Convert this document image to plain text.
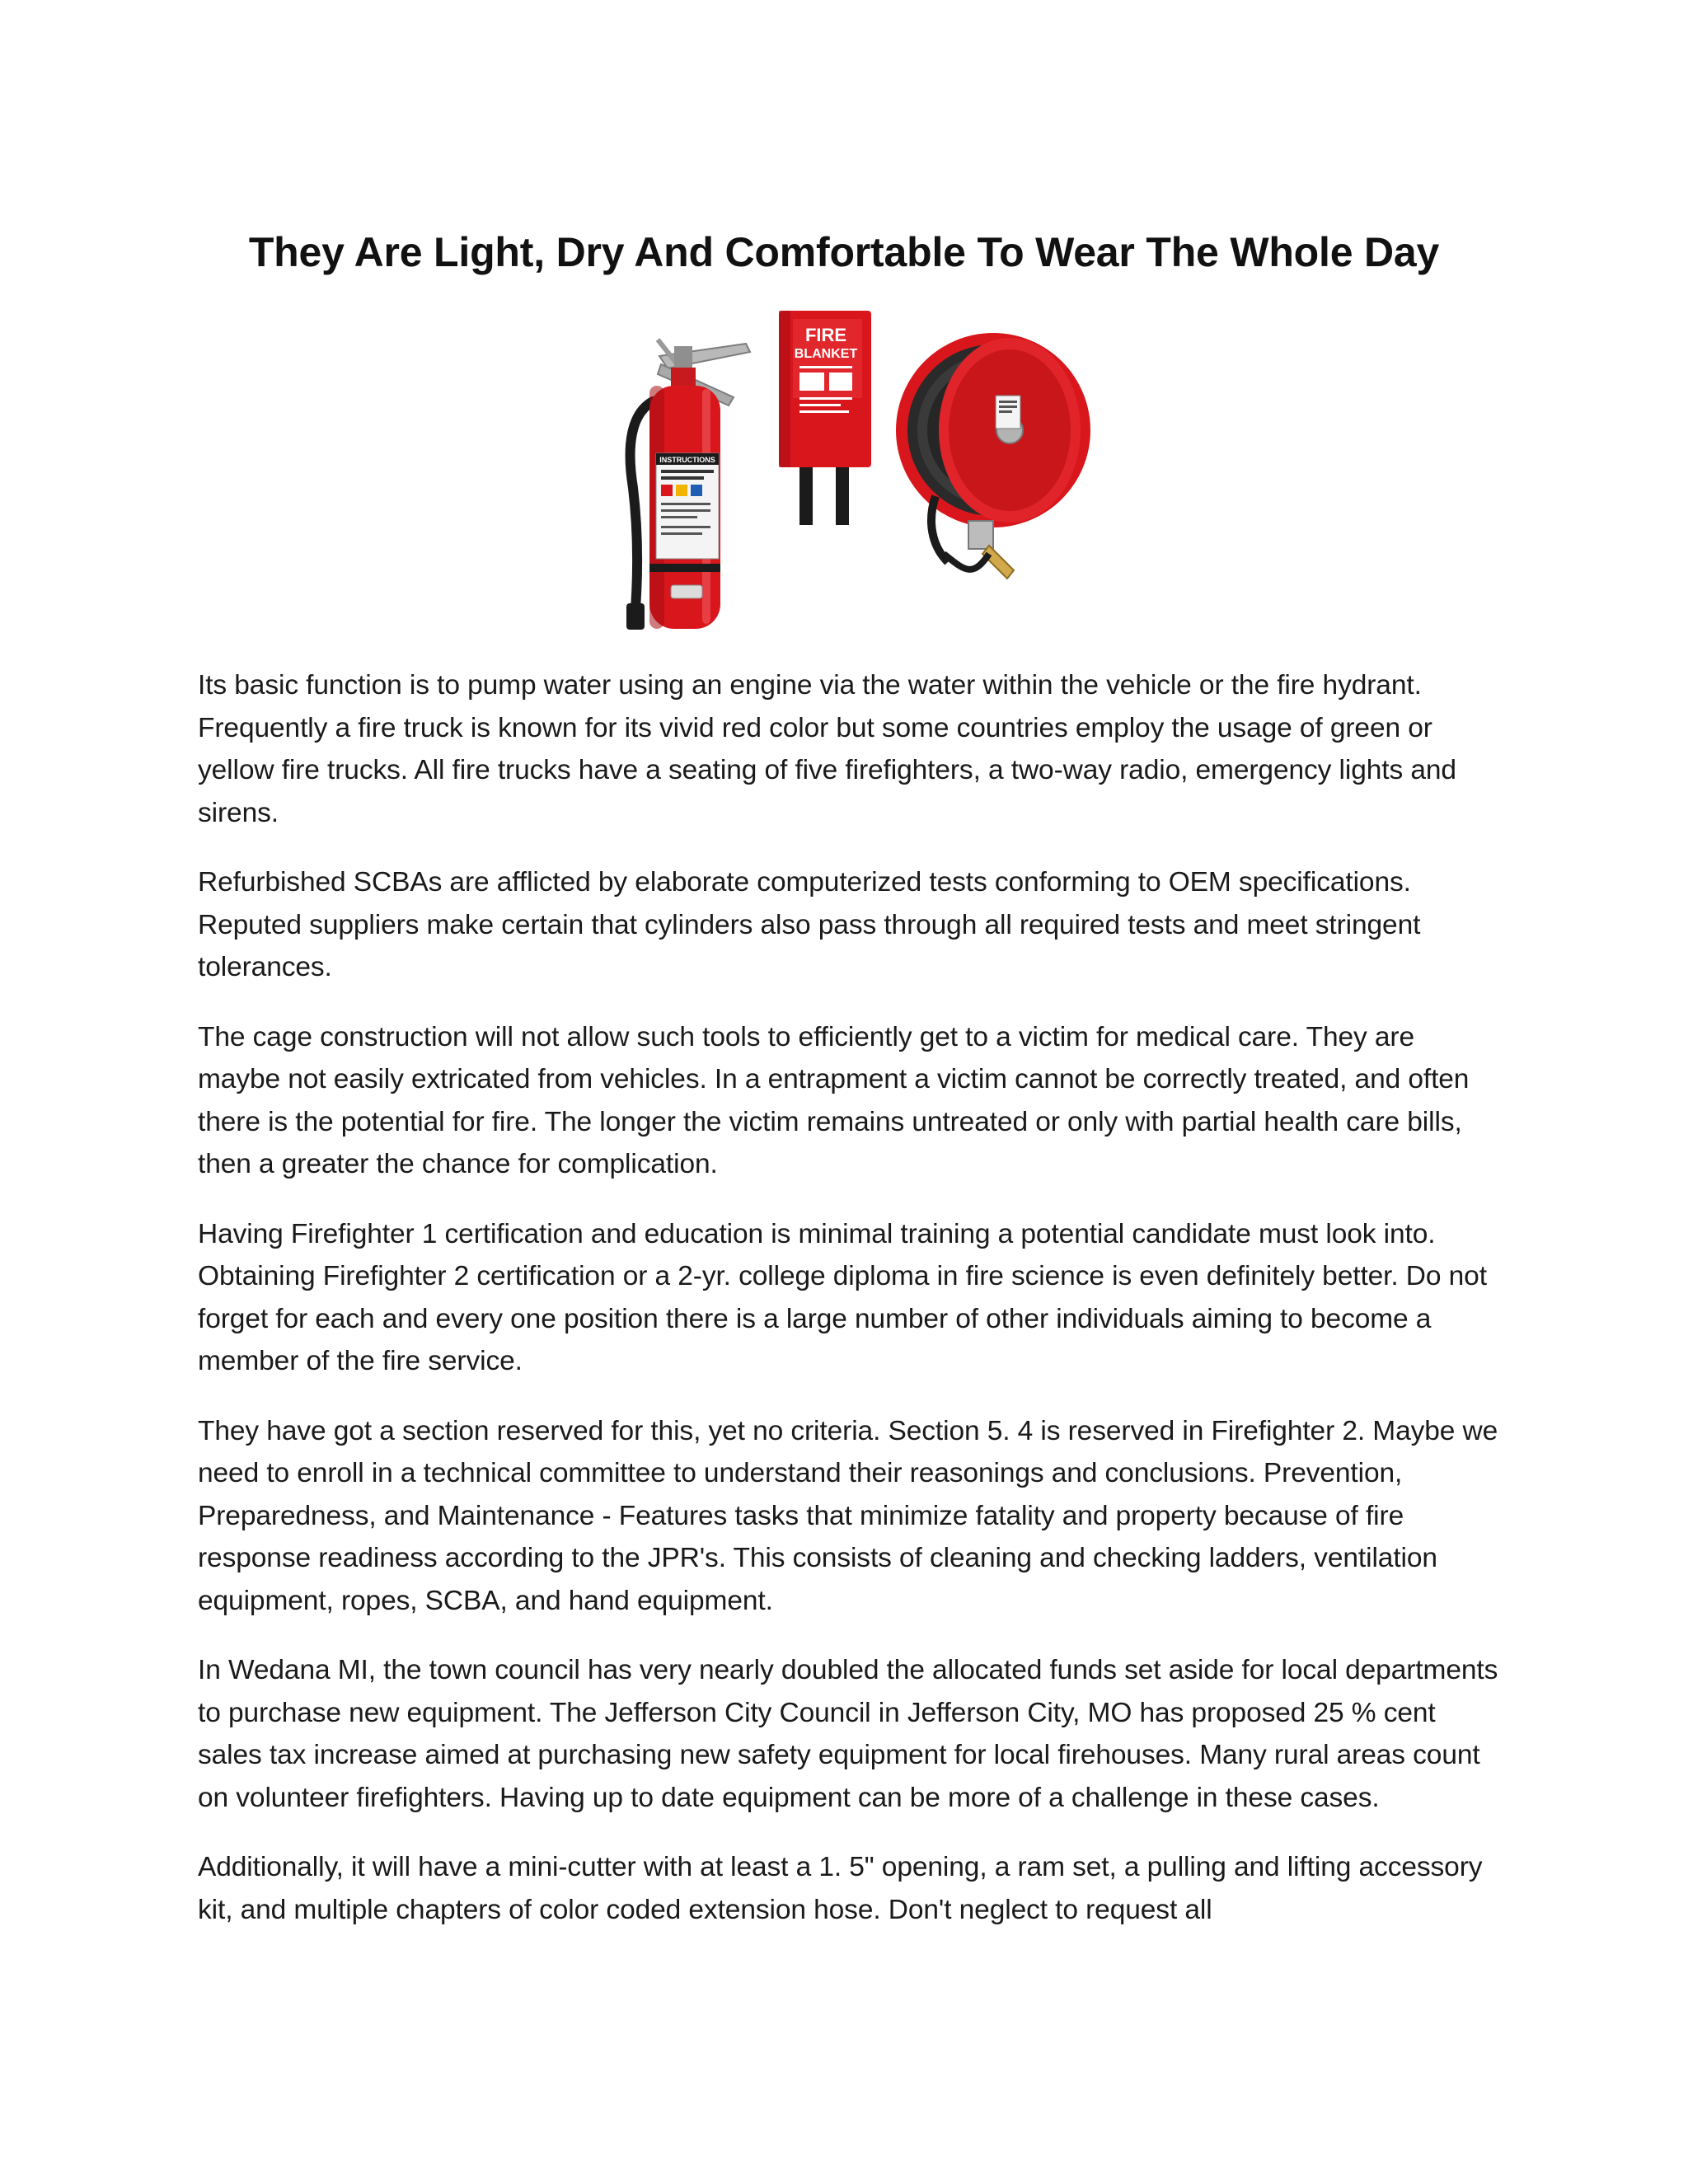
They Are Light, Dry And Comfortable To Wear The Whole Day
INSTRUCTIONS
FIRE
BLANKET

Its basic function is to pump water using an engine via the water within the vehicle or the fire hydrant. Frequently a fire truck is known for its vivid red color but some countries employ the usage of green or yellow fire trucks. All fire trucks have a seating of five firefighters, a two-way radio, emergency lights and sirens.

Refurbished SCBAs are afflicted by elaborate computerized tests conforming to OEM specifications. Reputed suppliers make certain that cylinders also pass through all required tests and meet stringent tolerances.

The cage construction will not allow such tools to efficiently get to a victim for medical care. They are maybe not easily extricated from vehicles. In a entrapment a victim cannot be correctly treated, and often there is the potential for fire. The longer the victim remains untreated or only with partial health care bills, then a greater the chance for complication.

Having Firefighter 1 certification and education is minimal training a potential candidate must look into. Obtaining Firefighter 2 certification or a 2-yr. college diploma in fire science is even definitely better. Do not forget for each and every one position there is a large number of other individuals aiming to become a member of the fire service.

They have got a section reserved for this, yet no criteria. Section 5. 4 is reserved in Firefighter 2. Maybe we need to enroll in a technical committee to understand their reasonings and conclusions. Prevention, Preparedness, and Maintenance - Features tasks that minimize fatality and property because of fire response readiness according to the JPR's. This consists of cleaning and checking ladders, ventilation equipment, ropes, SCBA, and hand equipment.

In Wedana MI, the town council has very nearly doubled the allocated funds set aside for local departments to purchase new equipment. The Jefferson City Council in Jefferson City, MO has proposed 25 % cent sales tax increase aimed at purchasing new safety equipment for local firehouses. Many rural areas count on volunteer firefighters. Having up to date equipment can be more of a challenge in these cases.

Additionally, it will have a mini-cutter with at least a 1. 5" opening, a ram set, a pulling and lifting accessory kit, and multiple chapters of color coded extension hose. Don't neglect to request all
